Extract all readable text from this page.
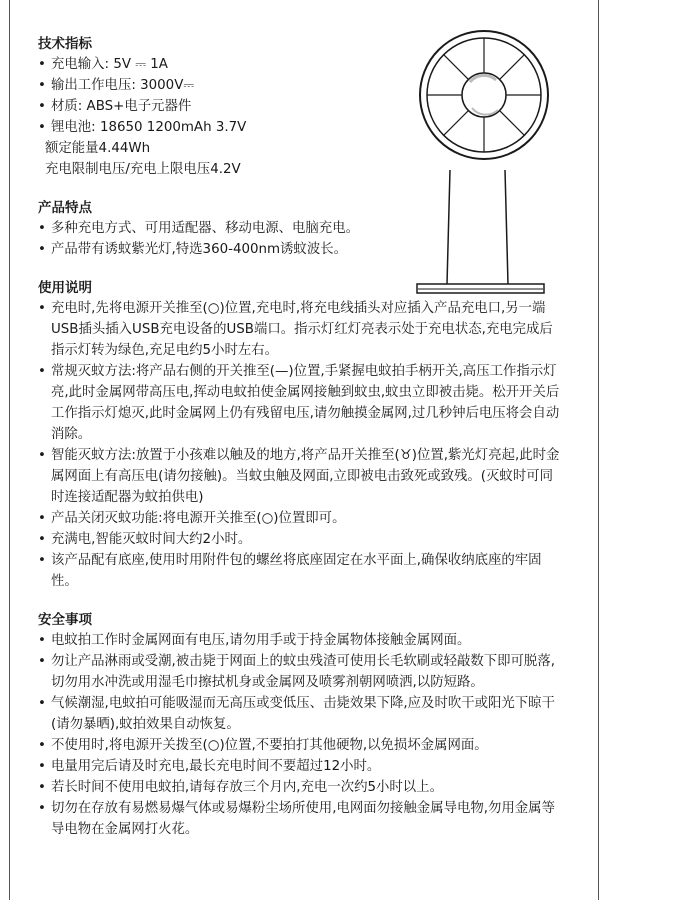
技术指标
• 充电输入: 5V ⎓ 1A
• 输出工作电压: 3000V⎓
• 材质: ABS+电子元器件
• 锂电池: 18650 1200mAh 3.7V
额定能量4.44Wh
充电限制电压/充电上限电压4.2V
产品特点
• 多种充电方式、可用适配器、移动电源、电脑充电。
• 产品带有诱蚊紫光灯,特选360-400nm诱蚊波长。
使用说明
• 充电时,先将电源开关推至(○)位置,充电时,将充电线插头对应插入产品充电口,另一端USB插头插入USB充电设备的USB端口。指示灯红灯亮表示处于充电状态,充电完成后指示灯转为绿色,充足电约5小时左右。
• 常规灭蚊方法:将产品右侧的开关推至(—)位置,手紧握电蚊拍手柄开关,高压工作指示灯亮,此时金属网带高压电,挥动电蚊拍使金属网接触到蚊虫,蚊虫立即被击毙。松开开关后工作指示灯熄灭,此时金属网上仍有残留电压,请勿触摸金属网,过几秒钟后电压将会自动消除。
• 智能灭蚊方法:放置于小孩难以触及的地方,将产品开关推至(♉)位置,紫光灯亮起,此时金属网面上有高压电(请勿接触)。当蚊虫触及网面,立即被电击致死或致残。(灭蚊时可同时连接适配器为蚊拍供电)
• 产品关闭灭蚊功能:将电源开关推至(○)位置即可。
• 充满电,智能灭蚊时间大约2小时。
• 该产品配有底座,使用时用附件包的螺丝将底座固定在水平面上,确保收纳底座的牢固性。
安全事项
• 电蚊拍工作时金属网面有电压,请勿用手或于持金属物体接触金属网面。
• 勿让产品淋雨或受潮,被击毙于网面上的蚊虫残渣可使用长毛软刷或轻敲数下即可脱落,切勿用水冲洗或用湿毛巾擦拭机身或金属网及喷雾剂朝网喷洒,以防短路。
• 气候潮湿,电蚊拍可能吸湿而无高压或变低压、击毙效果下降,应及时吹干或阳光下晾干(请勿暴晒),蚊拍效果自动恢复。
• 不使用时,将电源开关拨至(○)位置,不要拍打其他硬物,以免损坏金属网面。
• 电量用完后请及时充电,最长充电时间不要超过12小时。
• 若长时间不使用电蚊拍,请每存放三个月内,充电一次约5小时以上。
• 切勿在存放有易燃易爆气体或易爆粉尘场所使用,电网面勿接触金属导电物,勿用金属等导电物在金属网打火花。
